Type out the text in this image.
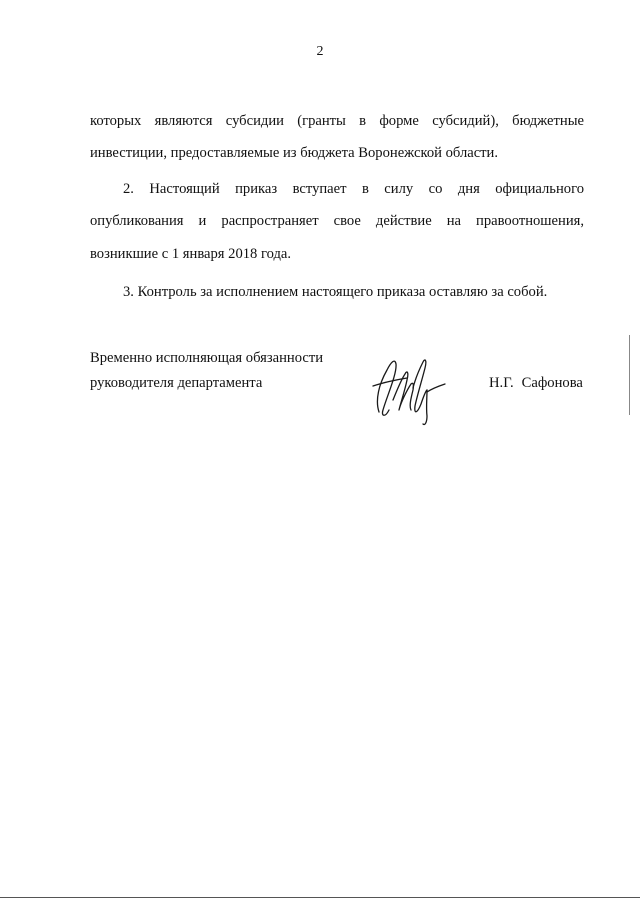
2
которых являются субсидии (гранты в форме субсидий), бюджетные
инвестиции, предоставляемые из бюджета Воронежской области.
2. Настоящий приказ вступает в силу со дня официального
опубликования и распространяет свое действие на правоотношения,
возникшие с 1 января 2018 года.
3. Контроль за исполнением настоящего приказа оставляю за собой.
Временно исполняющая обязанности
руководителя департамента	Н.Г. Сафонова
